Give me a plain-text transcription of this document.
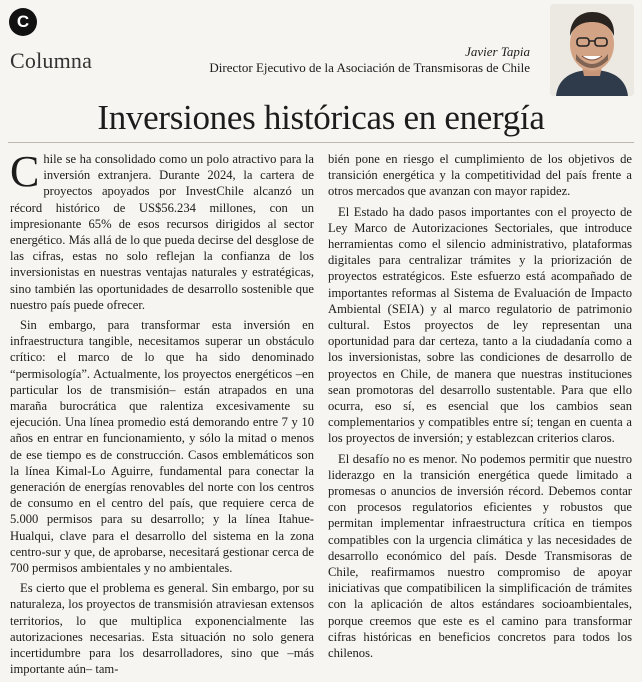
C
Columna	Javier Tapia
Director Ejecutivo de la Asociación de Transmisoras de Chile
Inversiones históricas en energía

Chile se ha consolidado como un polo atractivo para la inversión extranjera. Durante 2024, la cartera de proyectos apoyados por InvestChile alcanzó un récord histórico de US$56.234 millones, con un impresionante 65% de esos recursos dirigidos al sector energético. Más allá de lo que pueda decirse del desglose de las cifras, estas no solo reflejan la confianza de los inversionistas en nuestras ventajas naturales y estratégicas, sino también las oportunidades de desarrollo sostenible que nuestro país puede ofrecer.

Sin embargo, para transformar esta inversión en infraestructura tangible, necesitamos superar un obstáculo crítico: el marco de lo que ha sido denominado “permisología”. Actualmente, los proyectos energéticos –en particular los de transmisión– están atrapados en una maraña burocrática que ralentiza excesivamente su ejecución. Una línea promedio está demorando entre 7 y 10 años en entrar en funcionamiento, y sólo la mitad o menos de ese tiempo es de construcción. Casos emblemáticos son la línea Kimal-Lo Aguirre, fundamental para conectar la generación de energías renovables del norte con los centros de consumo en el centro del país, que requiere cerca de 5.000 permisos para su desarrollo; y la línea Itahue-Hualqui, clave para el desarrollo del sistema en la zona centro-sur y que, de aprobarse, necesitará gestionar cerca de 700 permisos ambientales y no ambientales.

Es cierto que el problema es general. Sin embargo, por su naturaleza, los proyectos de transmisión atraviesan extensos territorios, lo que multiplica exponencialmente las autorizaciones necesarias. Esta situación no solo genera incertidumbre para los desarrolladores, sino que –más importante aún– tam-

bién pone en riesgo el cumplimiento de los objetivos de transición energética y la competitividad del país frente a otros mercados que avanzan con mayor rapidez.

El Estado ha dado pasos importantes con el proyecto de Ley Marco de Autorizaciones Sectoriales, que introduce herramientas como el silencio administrativo, plataformas digitales para centralizar trámites y la priorización de proyectos estratégicos. Este esfuerzo está acompañado de importantes reformas al Sistema de Evaluación de Impacto Ambiental (SEIA) y al marco regulatorio de patrimonio cultural. Estos proyectos de ley representan una oportunidad para dar certeza, tanto a la ciudadanía como a los inversionistas, sobre las condiciones de desarrollo de proyectos en Chile, de manera que nuestras instituciones sean promotoras del desarrollo sustentable. Para que ello ocurra, eso sí, es esencial que los cambios sean complementarios y compatibles entre sí; tengan en cuenta a los proyectos de inversión; y establezcan criterios claros.

El desafío no es menor. No podemos permitir que nuestro liderazgo en la transición energética quede limitado a promesas o anuncios de inversión récord. Debemos contar con procesos regulatorios eficientes y robustos que permitan implementar infraestructura crítica en tiempos compatibles con la urgencia climática y las necesidades de desarrollo económico del país. Desde Transmisoras de Chile, reafirmamos nuestro compromiso de apoyar iniciativas que compatibilicen la simplificación de trámites con la aplicación de altos estándares socioambientales, porque creemos que este es el camino para transformar cifras históricas en beneficios concretos para todos los chilenos.
